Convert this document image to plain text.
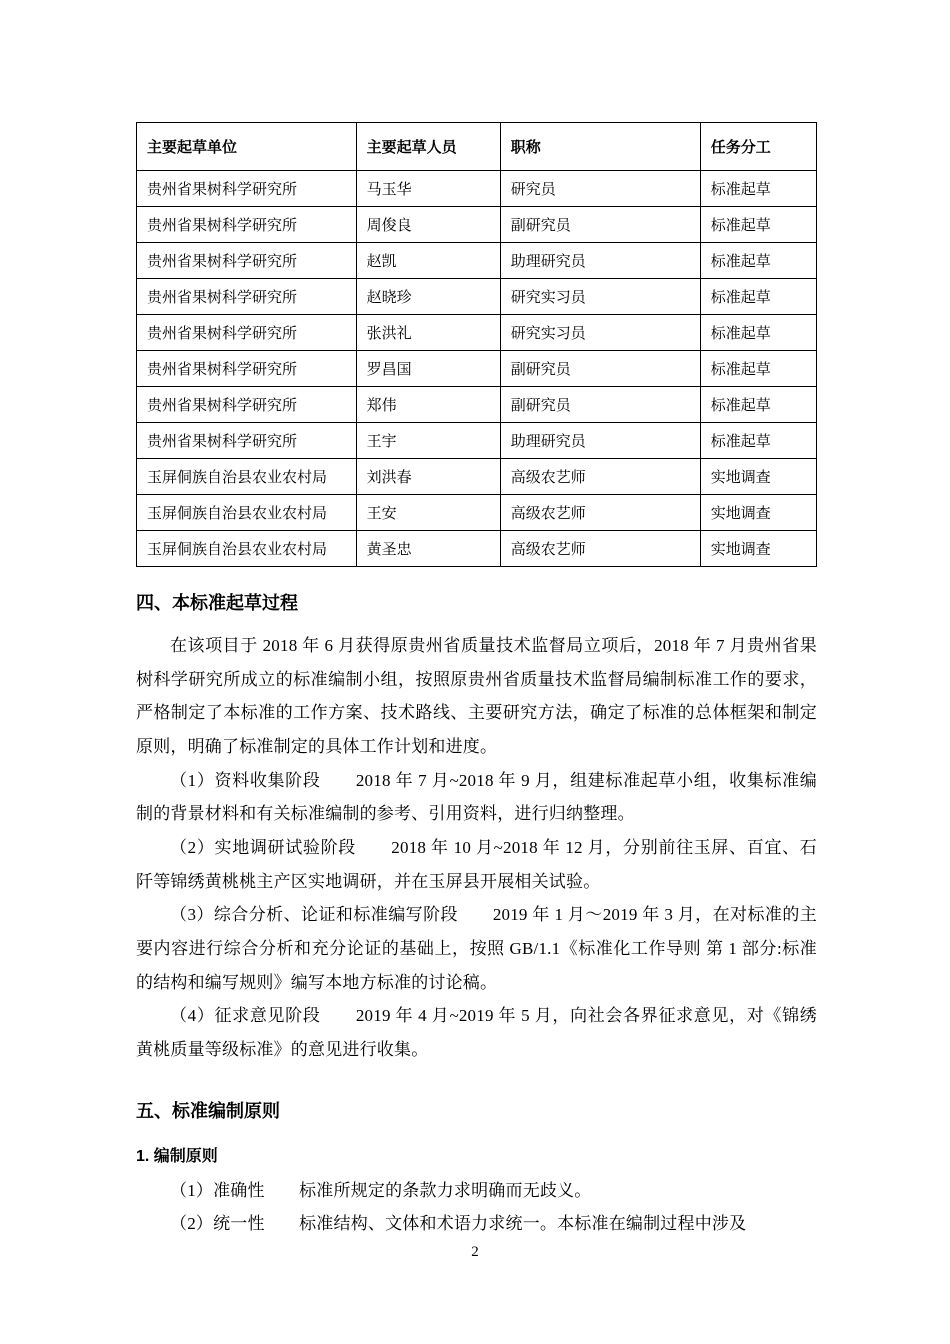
主要起草单位	主要起草人员	职称	任务分工
贵州省果树科学研究所	马玉华	研究员	标准起草
贵州省果树科学研究所	周俊良	副研究员	标准起草
贵州省果树科学研究所	赵凯	助理研究员	标准起草
贵州省果树科学研究所	赵晓珍	研究实习员	标准起草
贵州省果树科学研究所	张洪礼	研究实习员	标准起草
贵州省果树科学研究所	罗昌国	副研究员	标准起草
贵州省果树科学研究所	郑伟	副研究员	标准起草
贵州省果树科学研究所	王宇	助理研究员	标准起草
玉屏侗族自治县农业农村局	刘洪春	高级农艺师	实地调查
玉屏侗族自治县农业农村局	王安	高级农艺师	实地调查
玉屏侗族自治县农业农村局	黄圣忠	高级农艺师	实地调查
四、本标准起草过程

在该项目于 2018 年 6 月获得原贵州省质量技术监督局立项后，2018 年 7 月贵州省果树科学研究所成立的标准编制小组，按照原贵州省质量技术监督局编制标准工作的要求，严格制定了本标准的工作方案、技术路线、主要研究方法，确定了标准的总体框架和制定原则，明确了标准制定的具体工作计划和进度。

（1）资料收集阶段　　2018 年 7 月~2018 年 9 月，组建标准起草小组，收集标准编制的背景材料和有关标准编制的参考、引用资料，进行归纳整理。

（2）实地调研试验阶段　　2018 年 10 月~2018 年 12 月，分别前往玉屏、百宜、石阡等锦绣黄桃桃主产区实地调研，并在玉屏县开展相关试验。

（3）综合分析、论证和标准编写阶段　　2019 年 1 月～2019 年 3 月，在对标准的主要内容进行综合分析和充分论证的基础上，按照 GB/1.1《标准化工作导则 第 1 部分:标准的结构和编写规则》编写本地方标准的讨论稿。

（4）征求意见阶段　　2019 年 4 月~2019 年 5 月，向社会各界征求意见，对《锦绣黄桃质量等级标准》的意见进行收集。

五、标准编制原则
1. 编制原则

（1）准确性　　标准所规定的条款力求明确而无歧义。

（2）统一性　　标准结构、文体和术语力求统一。本标准在编制过程中涉及

2
